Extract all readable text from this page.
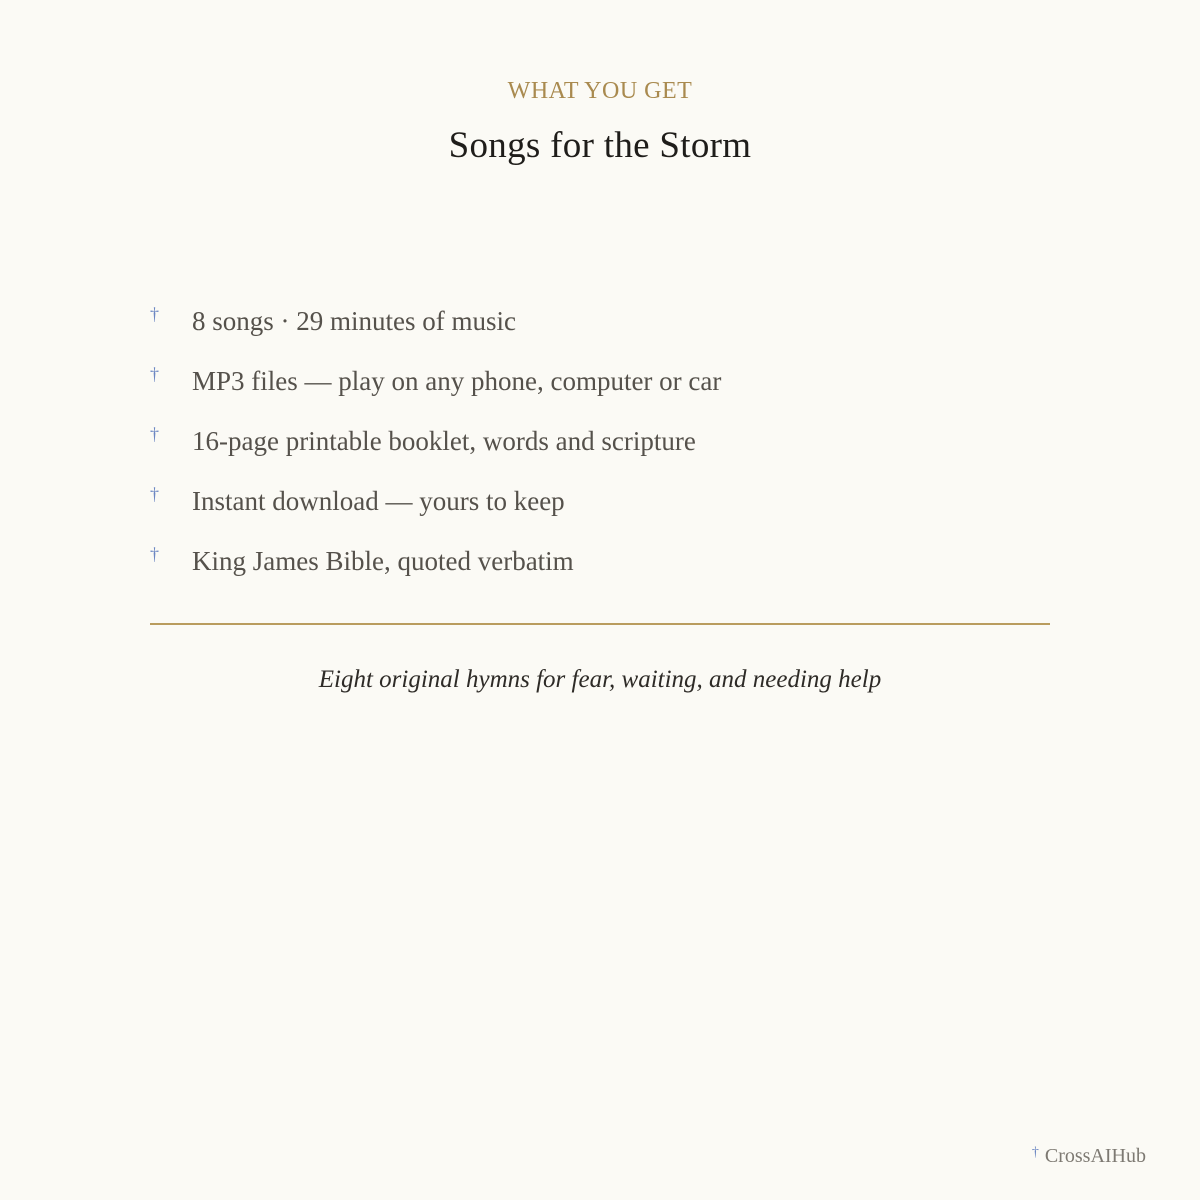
WHAT YOU GET
Songs for the Storm
† 8 songs · 29 minutes of music
† MP3 files — play on any phone, computer or car
† 16-page printable booklet, words and scripture
† Instant download — yours to keep
† King James Bible, quoted verbatim
Eight original hymns for fear, waiting, and needing help
† CrossAIHub
